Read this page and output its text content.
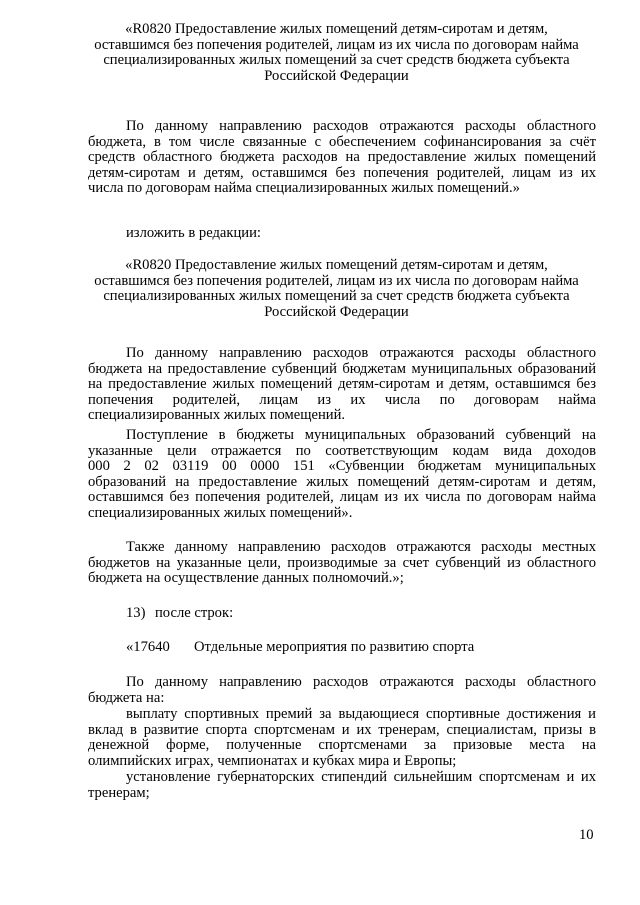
«R0820 Предоставление жилых помещений детям-сиротам и детям,
оставшимся без попечения родителей, лицам из их числа по договорам найма
специализированных жилых помещений за счет средств бюджета субъекта
Российской Федерации
По данному направлению расходов отражаются расходы областного
бюджета, в том числе связанные с обеспечением софинансирования за счёт
средств областного бюджета расходов на предоставление жилых помещений
детям-сиротам и детям, оставшимся без попечения родителей, лицам из их
числа по договорам найма специализированных жилых помещений.»
изложить в редакции:
«R0820 Предоставление жилых помещений детям-сиротам и детям,
оставшимся без попечения родителей, лицам из их числа по договорам найма
специализированных жилых помещений за счет средств бюджета субъекта
Российской Федерации
По данному направлению расходов отражаются расходы областного
бюджета на предоставление субвенций бюджетам муниципальных образований
на предоставление жилых помещений детям-сиротам и детям, оставшимся без
попечения родителей, лицам из их числа по договорам найма
специализированных жилых помещений.
Поступление в бюджеты муниципальных образований субвенций на
указанные цели отражается по соответствующим кодам вида доходов
000 2 02 03119 00 0000 151 «Субвенции бюджетам муниципальных
образований на предоставление жилых помещений детям-сиротам и детям,
оставшимся без попечения родителей, лицам из их числа по договорам найма
специализированных жилых помещений».
Также данному направлению расходов отражаются расходы местных
бюджетов на указанные цели, производимые за счет субвенций из областного
бюджета на осуществление данных полномочий.»;
13) после строк:
«17640 Отдельные мероприятия по развитию спорта
По данному направлению расходов отражаются расходы областного
бюджета на:
выплату спортивных премий за выдающиеся спортивные достижения и
вклад в развитие спорта спортсменам и их тренерам, специалистам, призы в
денежной форме, полученные спортсменами за призовые места на
олимпийских играх, чемпионатах и кубках мира и Европы;
установление губернаторских стипендий сильнейшим спортсменам и их
тренерам;
10
